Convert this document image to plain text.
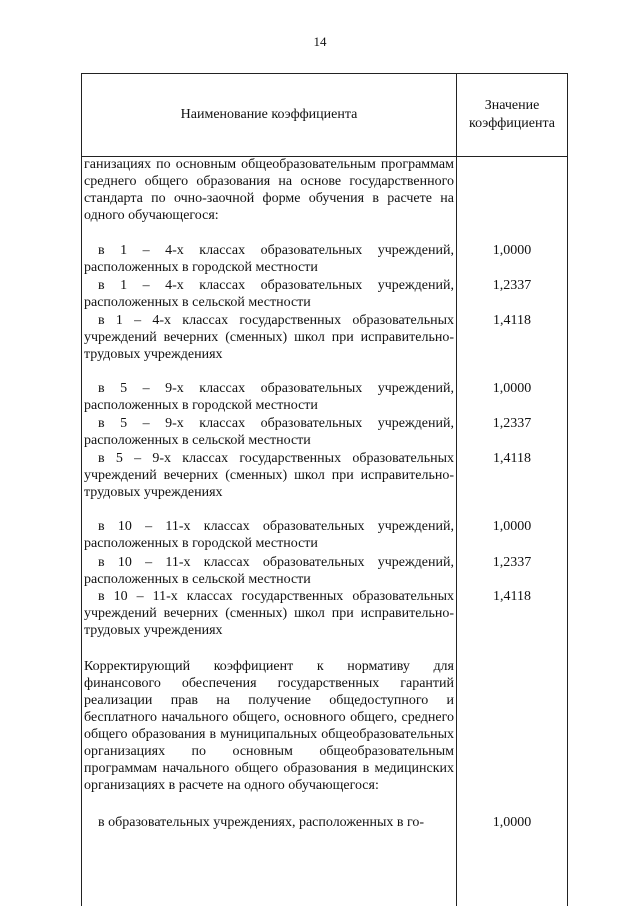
14
Наименование коэффициента
Значение коэффициента
ганизациях по основным общеобразовательным программам среднего общего образования на основе государственного стандарта по очно-заочной форме обучения в расчете на одного обучающегося:
в 1 – 4-х классах образовательных учреждений, расположенных в городской местности
1,0000
в 1 – 4-х классах образовательных учреждений, расположенных в сельской местности
1,2337
в 1 – 4-х классах государственных образовательных учреждений вечерних (сменных) школ при исправительно-трудовых учреждениях
1,4118
в 5 – 9-х классах образовательных учреждений, расположенных в городской местности
1,0000
в 5 – 9-х классах образовательных учреждений, расположенных в сельской местности
1,2337
в 5 – 9-х классах государственных образовательных учреждений вечерних (сменных) школ при исправительно-трудовых учреждениях
1,4118
в 10 – 11-х классах образовательных учреждений, расположенных в городской местности
1,0000
в 10 – 11-х классах образовательных учреждений, расположенных в сельской местности
1,2337
в 10 – 11-х классах государственных образовательных учреждений вечерних (сменных) школ при исправительно-трудовых учреждениях
1,4118
Корректирующий коэффициент к нормативу для финансового обеспечения государственных гарантий реализации прав на получение общедоступного и бесплатного начального общего, основного общего, среднего общего образования в муниципальных общеобразовательных организациях по основным общеобразовательным программам начального общего образования в медицинских организациях в расчете на одного обучающегося:
в образовательных учреждениях, расположенных в го-	1,0000
